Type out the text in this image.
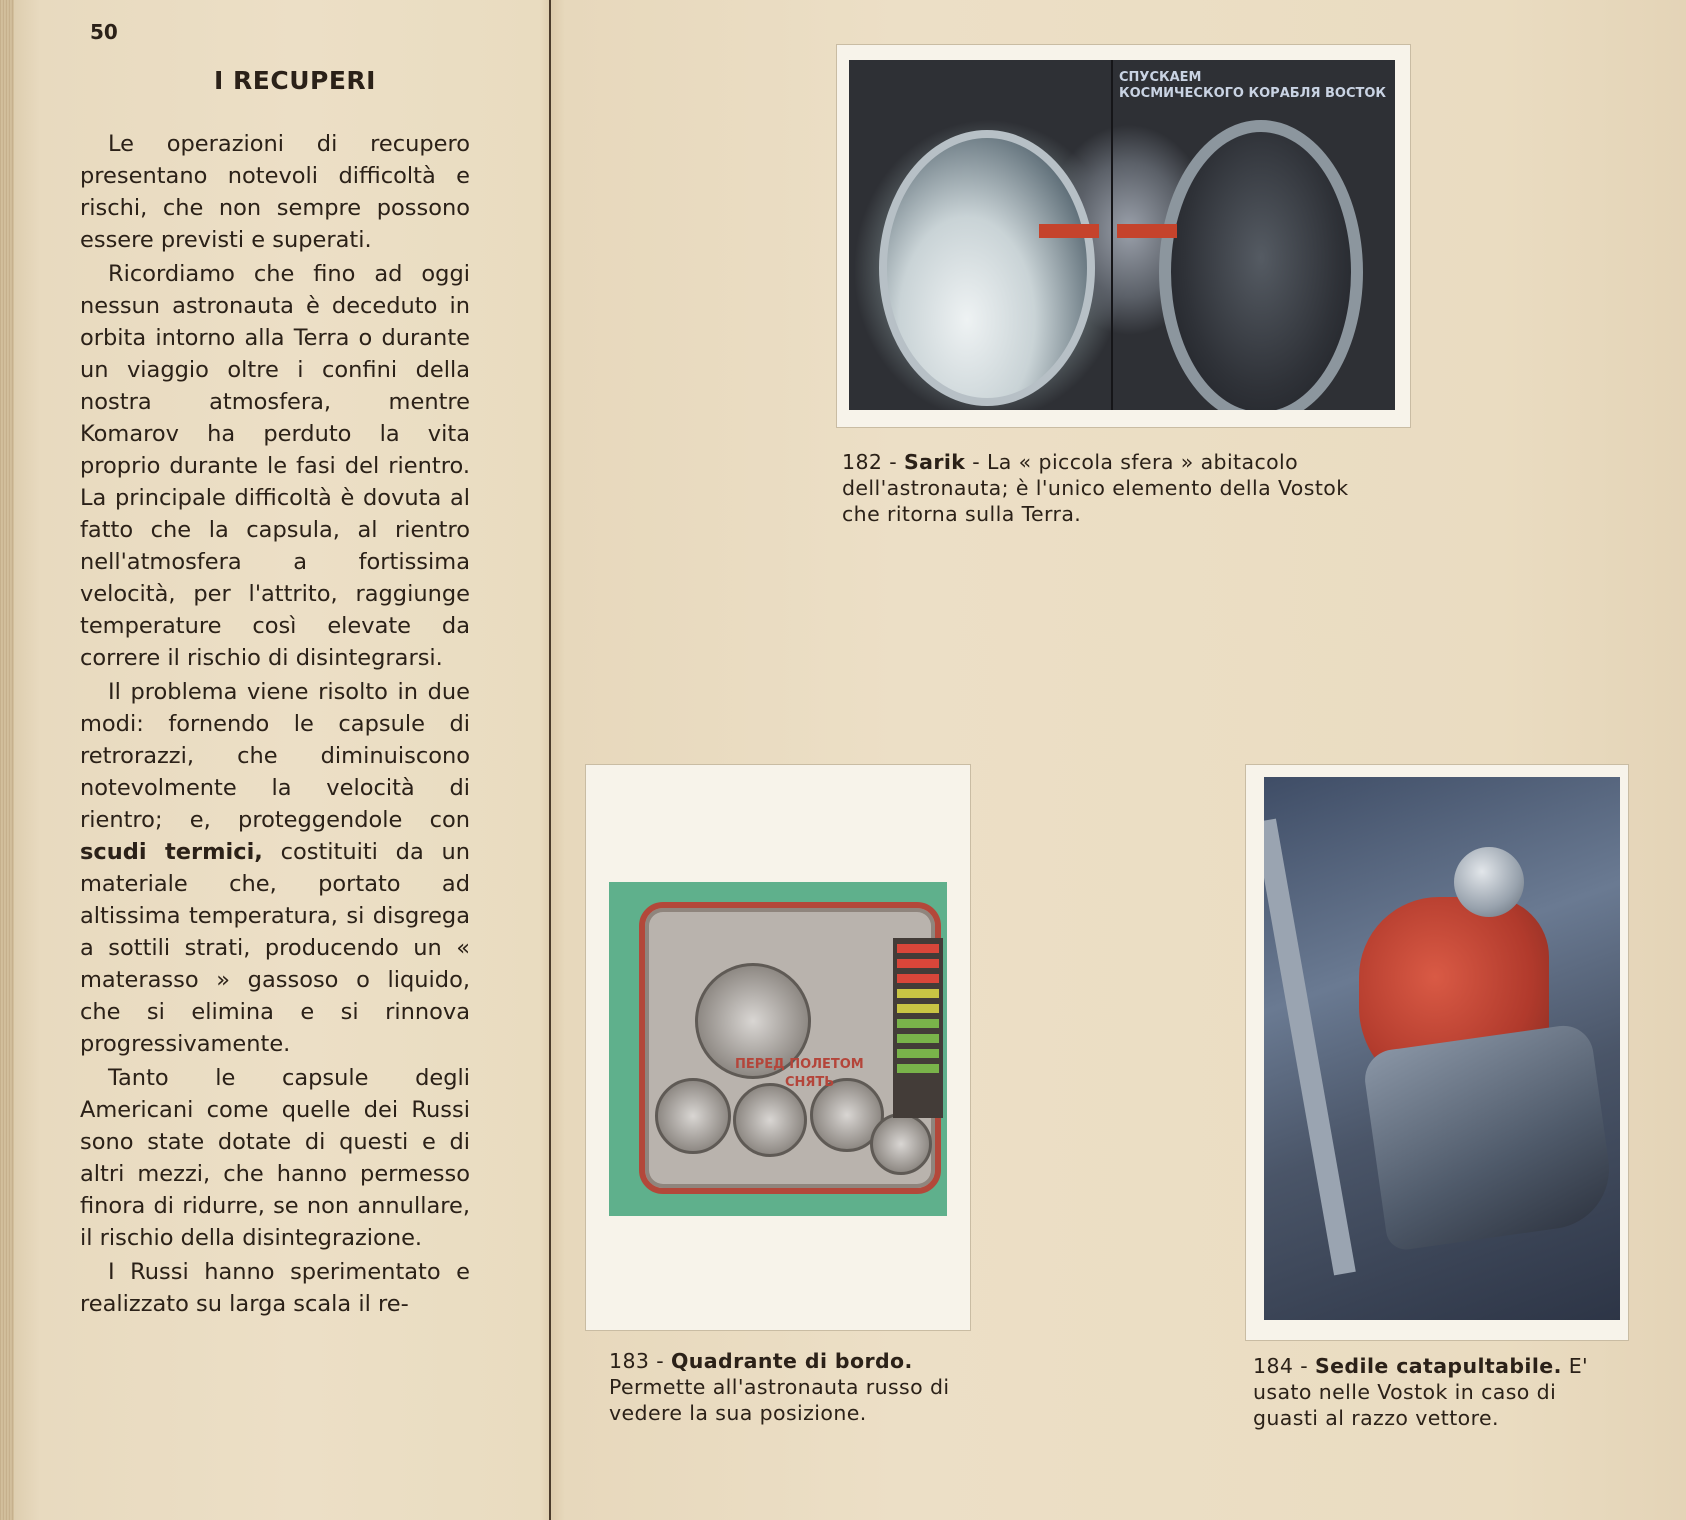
50
I RECUPERI

Le operazioni di recupero presentano notevoli difficoltà e rischi, che non sempre possono essere previsti e superati.

Ricordiamo che fino ad oggi nessun astronauta è deceduto in orbita intorno alla Terra o durante un viaggio oltre i confini della nostra atmosfera, mentre Komarov ha perduto la vita proprio durante le fasi del rientro. La principale difficoltà è dovuta al fatto che la capsula, al rientro nell'atmosfera a fortissima velocità, per l'attrito, raggiunge temperature così elevate da correre il rischio di disintegrarsi.

Il problema viene risolto in due modi: fornendo le capsule di retrorazzi, che diminuiscono notevolmente la velocità di rientro; e, proteggendole con scudi termici, costituiti da un materiale che, portato ad altissima temperatura, si disgrega a sottili strati, producendo un « materasso » gassoso o liquido, che si elimina e si rinnova progressivamente.

Tanto le capsule degli Americani come quelle dei Russi sono state dotate di questi e di altri mezzi, che hanno permesso finora di ridurre, se non annullare, il rischio della disintegrazione.

I Russi hanno sperimentato e realizzato su larga scala il re-

СПУСКАЕМ
КОСМИЧЕСКОГО КОРАБЛЯ ВОСТОК
182 - Sarik - La « piccola sfera » abitacolo dell'astronauta; è l'unico elemento della Vostok che ritorna sulla Terra.
ПЕРЕД ПОЛЕТОМ
СНЯТЬ
183 - Quadrante di bordo. Permette all'astronauta russo di vedere la sua posizione.
184 - Sedile catapultabile. E' usato nelle Vostok in caso di guasti al razzo vettore.
